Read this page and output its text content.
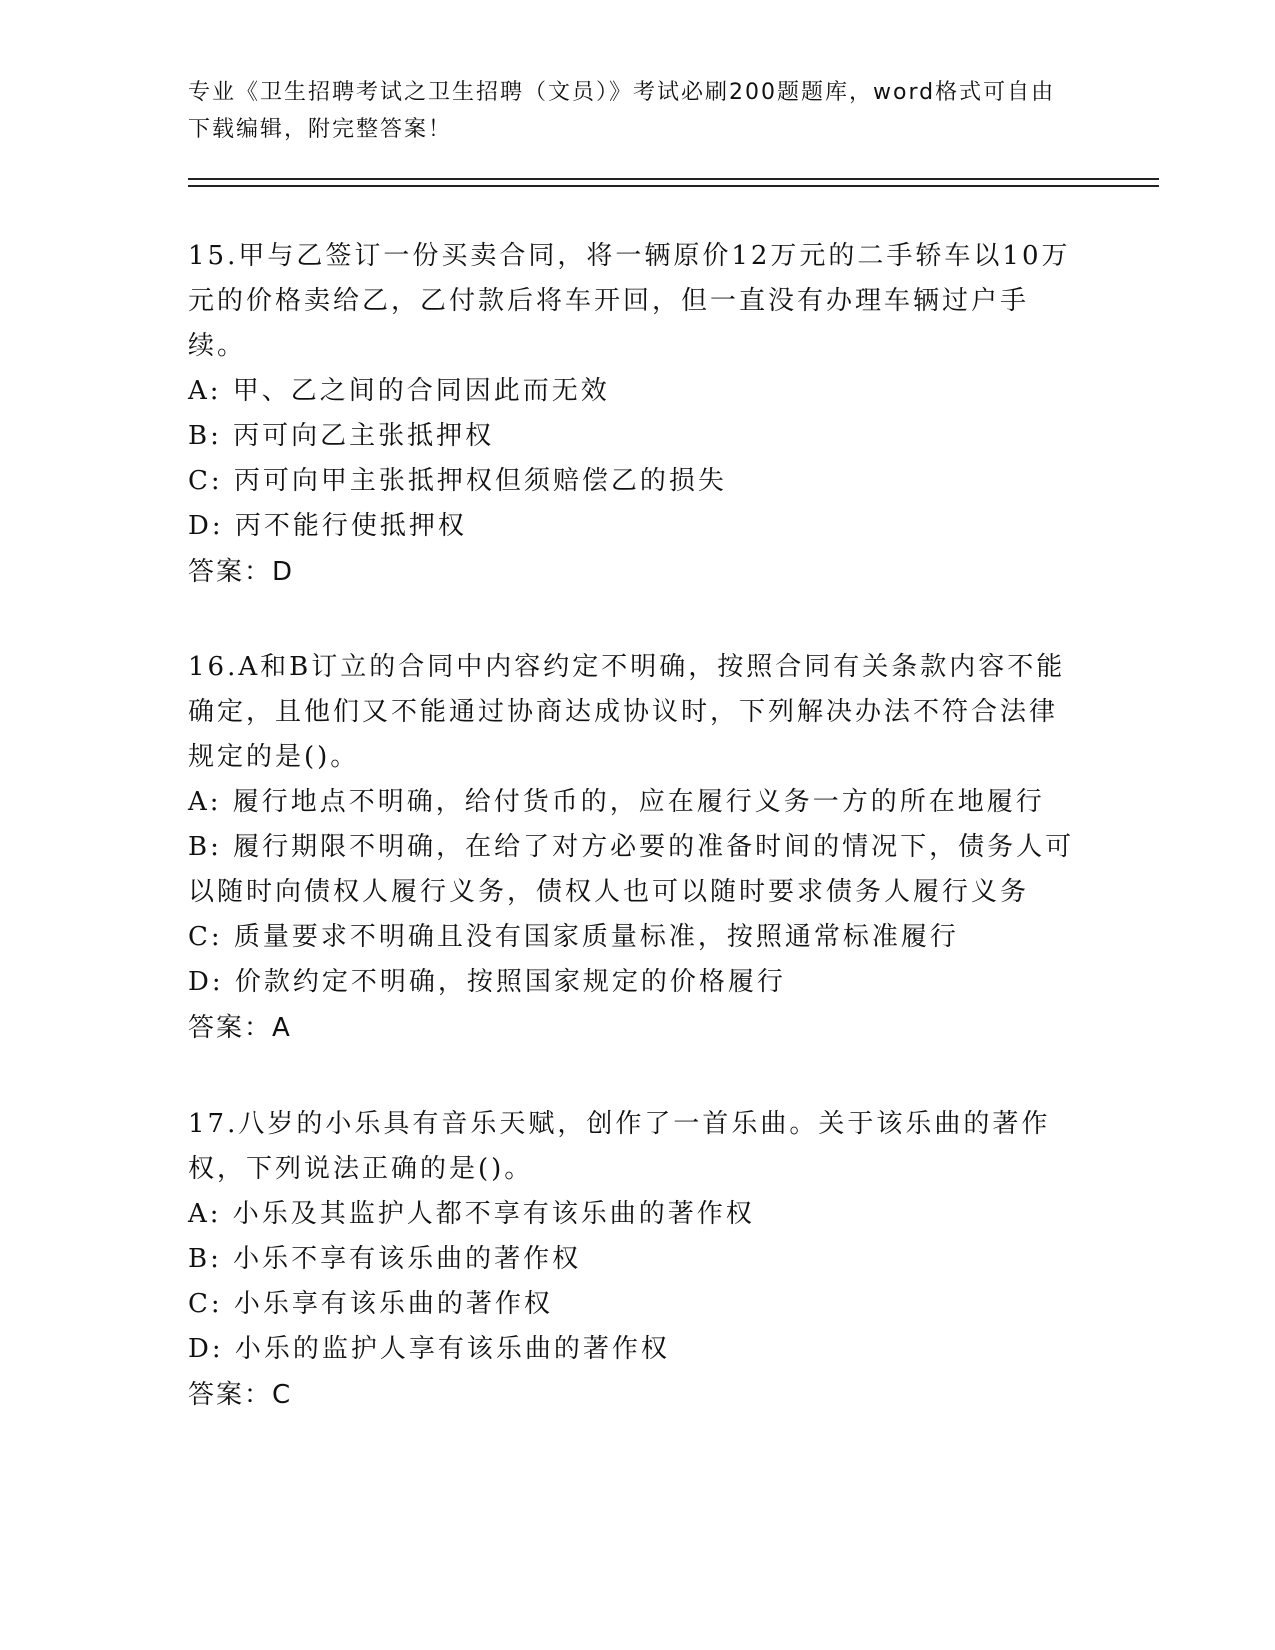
专业《卫生招聘考试之卫生招聘（文员）》考试必刷200题题库，word格式可自由下载编辑，附完整答案！

15.甲与乙签订一份买卖合同，将一辆原价12万元的二手轿车以10万元的价格卖给乙，乙付款后将车开回，但一直没有办理车辆过户手续。

A: 甲、乙之间的合同因此而无效

B: 丙可向乙主张抵押权

C: 丙可向甲主张抵押权但须赔偿乙的损失

D: 丙不能行使抵押权

答案：D

16.A和B订立的合同中内容约定不明确，按照合同有关条款内容不能确定，且他们又不能通过协商达成协议时，下列解决办法不符合法律规定的是()。

A: 履行地点不明确，给付货币的，应在履行义务一方的所在地履行

B: 履行期限不明确，在给了对方必要的准备时间的情况下，债务人可以随时向债权人履行义务，债权人也可以随时要求债务人履行义务

C: 质量要求不明确且没有国家质量标准，按照通常标准履行

D: 价款约定不明确，按照国家规定的价格履行

答案：A

17.八岁的小乐具有音乐天赋，创作了一首乐曲。关于该乐曲的著作权，下列说法正确的是()。

A: 小乐及其监护人都不享有该乐曲的著作权

B: 小乐不享有该乐曲的著作权

C: 小乐享有该乐曲的著作权

D: 小乐的监护人享有该乐曲的著作权

答案：C
